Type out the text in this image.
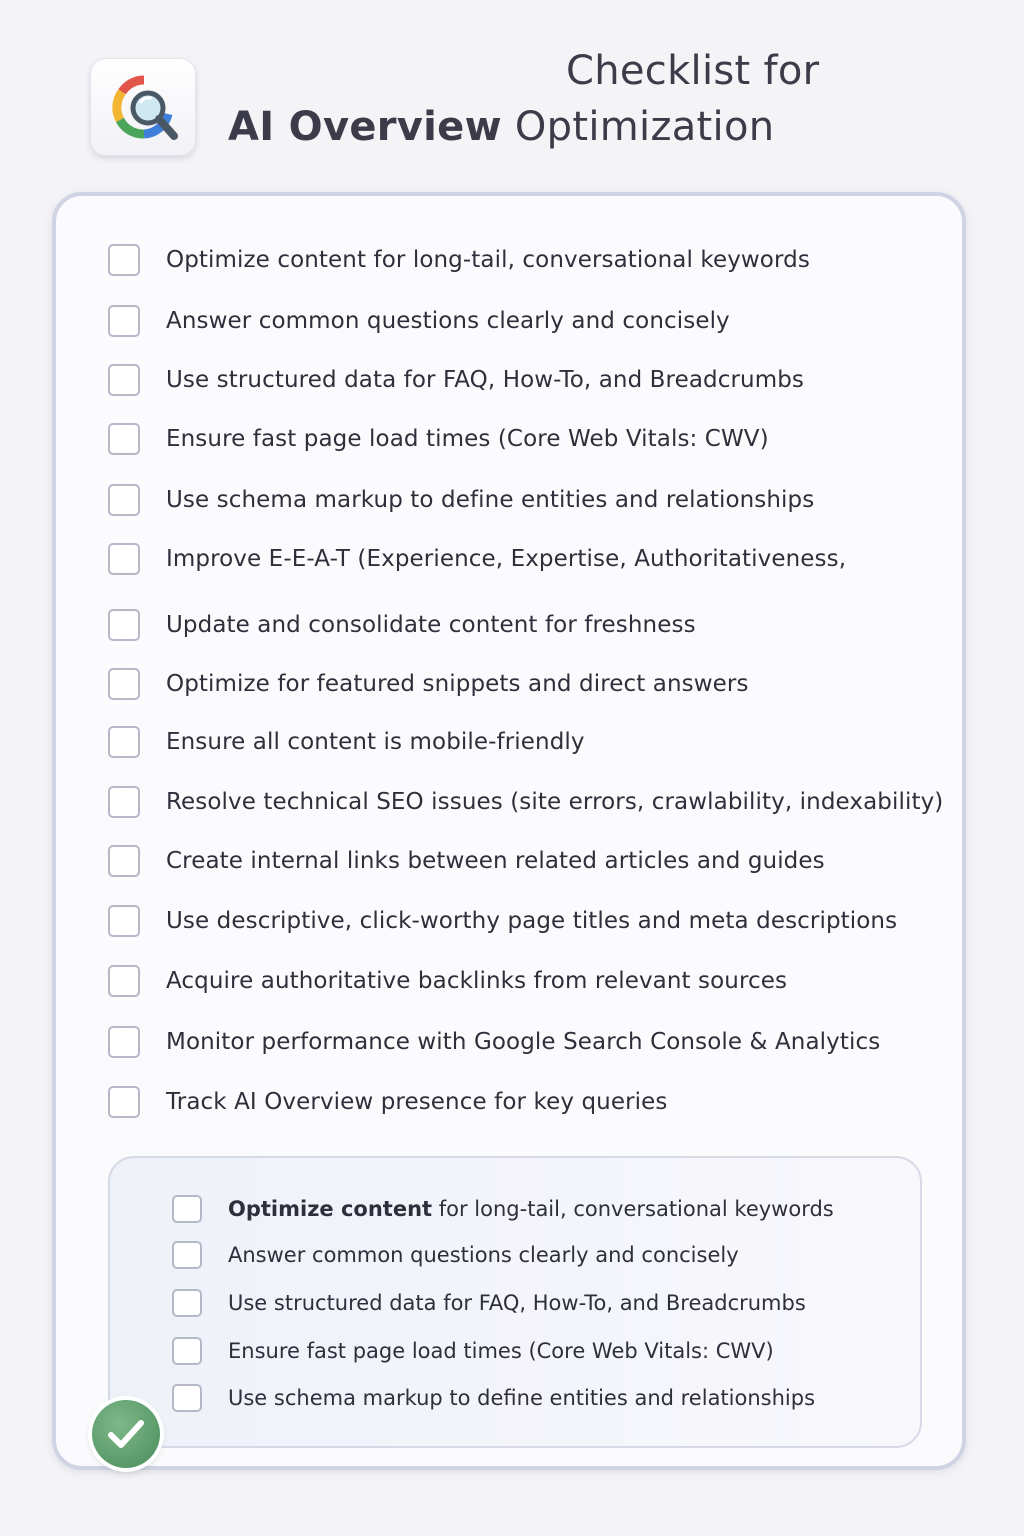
Checklist for
AI Overview Optimization
Optimize content for long-tail, conversational keywords
Answer common questions clearly and concisely
Use structured data for FAQ, How-To, and Breadcrumbs
Ensure fast page load times (Core Web Vitals: CWV)
Use schema markup to define entities and relationships
Improve E-E-A-T (Experience, Expertise, Authoritativeness,
Update and consolidate content for freshness
Optimize for featured snippets and direct answers
Ensure all content is mobile-friendly
Resolve technical SEO issues (site errors, crawlability, indexability)
Create internal links between related articles and guides
Use descriptive, click-worthy page titles and meta descriptions
Acquire authoritative backlinks from relevant sources
Monitor performance with Google Search Console & Analytics
Track AI Overview presence for key queries
Optimize content for long-tail, conversational keywords
Answer common questions clearly and concisely
Use structured data for FAQ, How-To, and Breadcrumbs
Ensure fast page load times (Core Web Vitals: CWV)
Use schema markup to define entities and relationships
